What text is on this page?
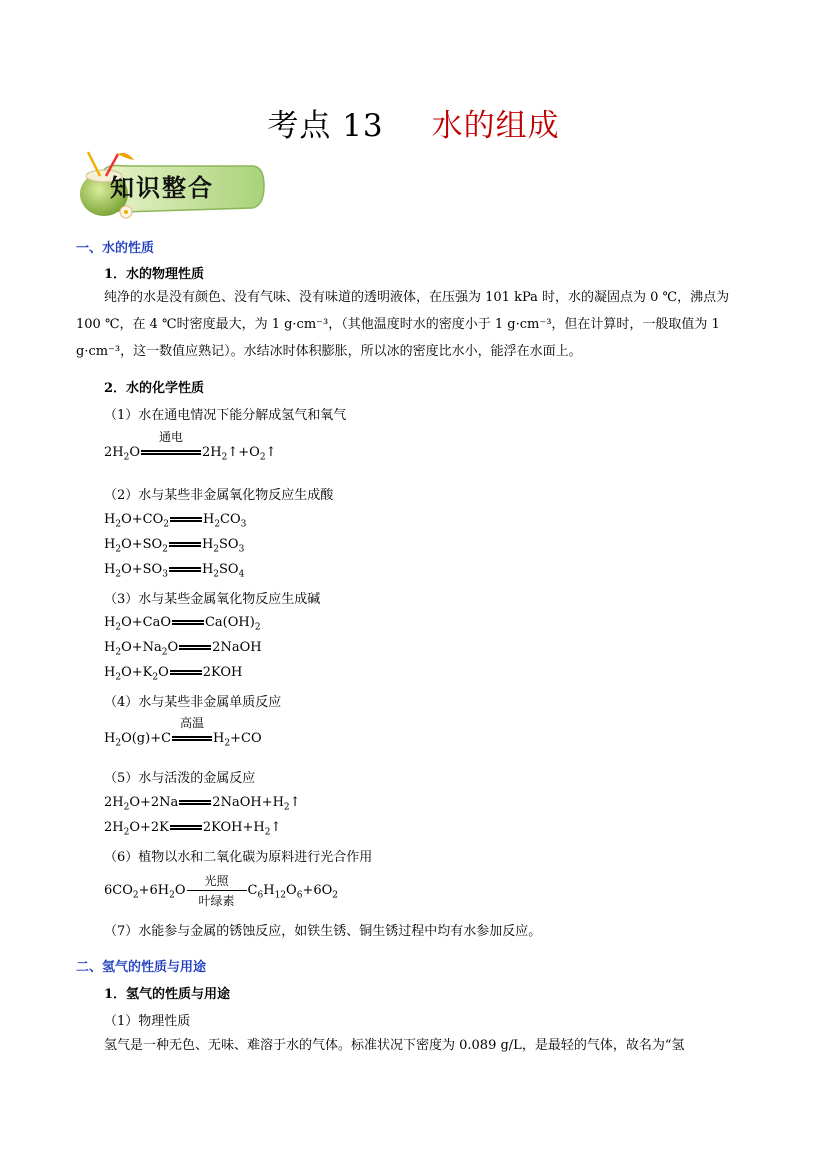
考点 13 水的组成
知识整合
一、水的性质
1．水的物理性质
纯净的水是没有颜色、没有气味、没有味道的透明液体，在压强为 101 kPa 时，水的凝固点为 0 ℃，沸点为 100 ℃，在 4 ℃时密度最大，为 1 g·cm⁻³，（其他温度时水的密度小于 1 g·cm⁻³，但在计算时，一般取值为 1 g·cm⁻³，这一数值应熟记）。水结冰时体积膨胀，所以冰的密度比水小，能浮在水面上。
2．水的化学性质
（1）水在通电情况下能分解成氢气和氧气
$2H_2O$
通电
$2H_2↑+O_2↑$
（2）水与某些非金属氧化物反应生成酸
$H_2O+CO_2$	$H_2CO_3$
$H_2O+SO_2$	$H_2SO_3$
$H_2O+SO_3$	$H_2SO_4$
（3）水与某些金属氧化物反应生成碱
$H_2O+CaO$	$Ca(OH)_2$
$H_2O+Na_2O$	2NaOH
$H_2O+K_2O$	2KOH
（4）水与某些非金属单质反应
$H_2O(g)+C$
高温
$H_2+CO$
（5）水与活泼的金属反应
$2H_2O+2Na$	$2NaOH+H_2↑$
$2H_2O+2K$	$2KOH+H_2↑$
（6）植物以水和二氧化碳为原料进行光合作用
$6CO_2+6H_2O$
光照
叶绿素
$C_6H_{12}O_6+6O_2$
（7）水能参与金属的锈蚀反应，如铁生锈、铜生锈过程中均有水参加反应。
二、氢气的性质与用途
1．氢气的性质与用途
（1）物理性质
氢气是一种无色、无味、难溶于水的气体。标准状况下密度为 0.089 g/L，是最轻的气体，故名为“氢
